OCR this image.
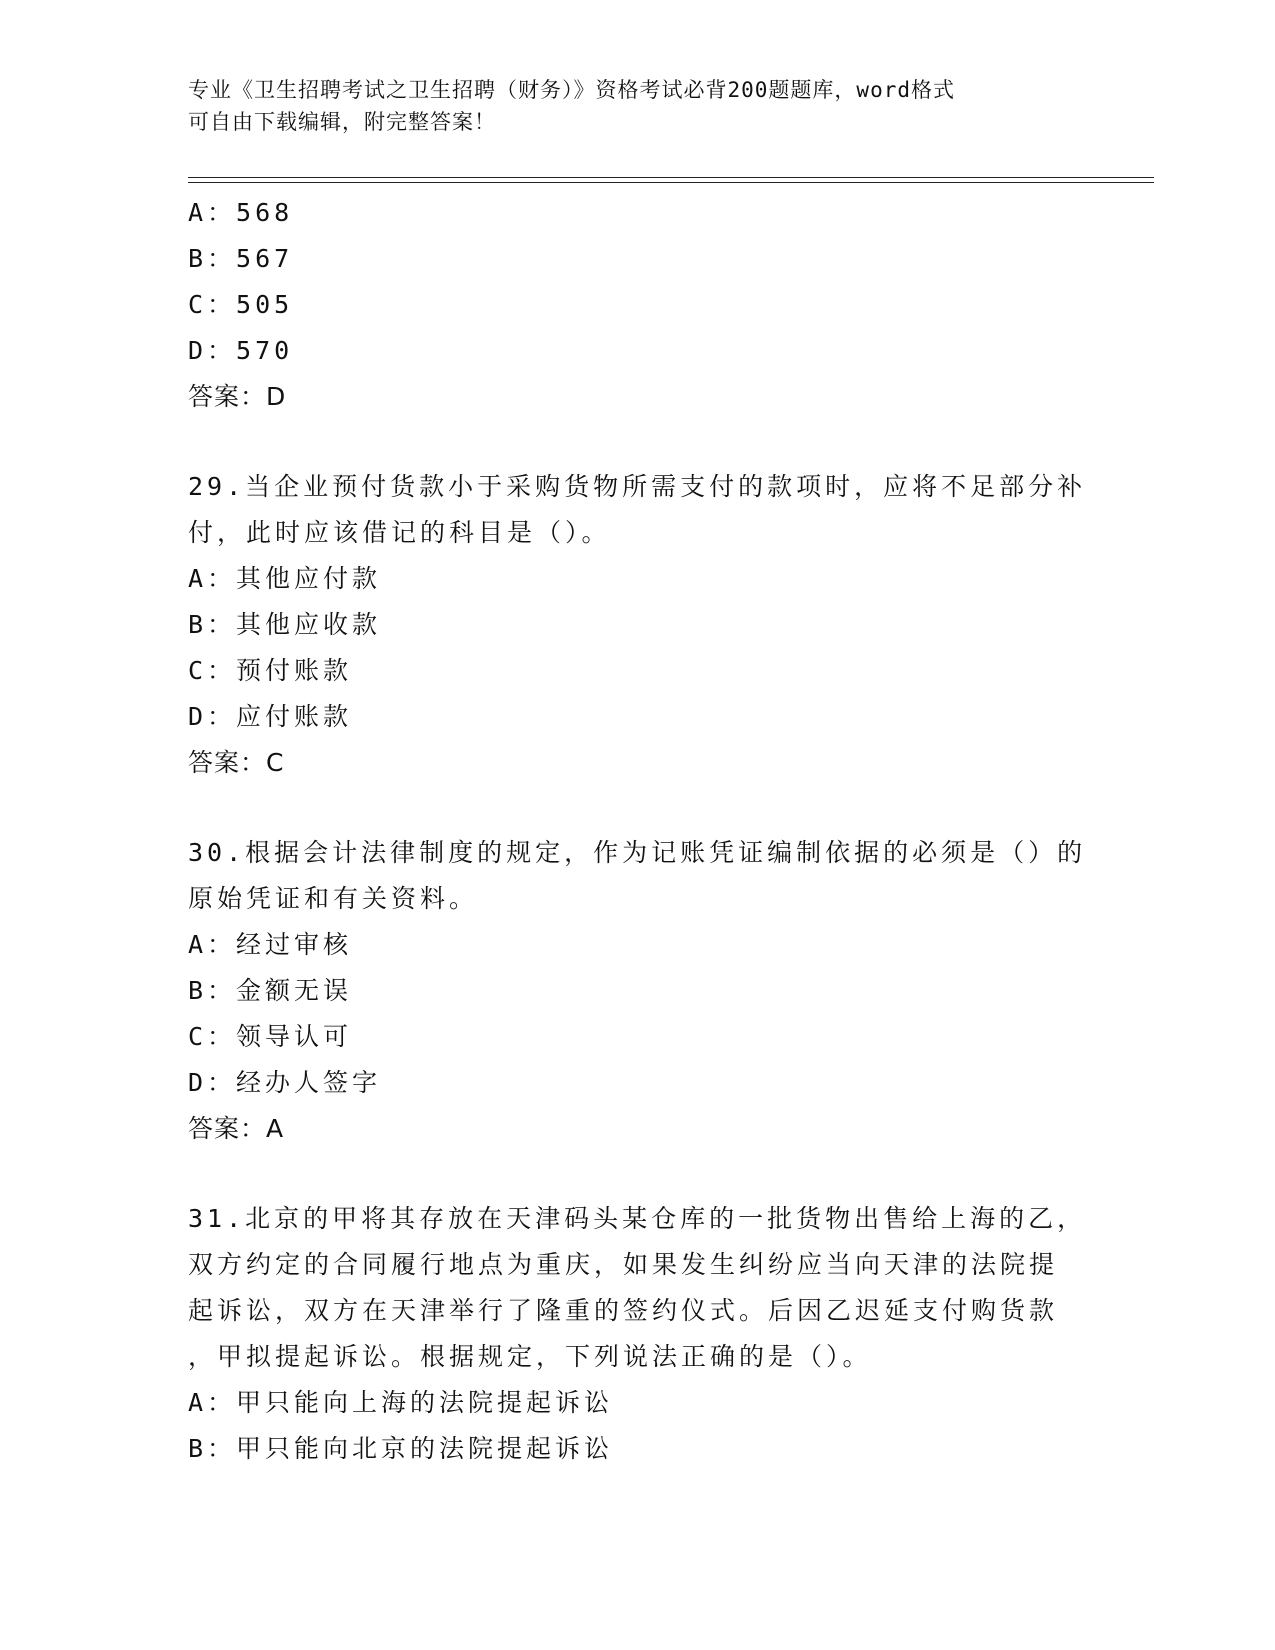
专业《卫生招聘考试之卫生招聘（财务）》资格考试必背200题题库，word格式
可自由下载编辑，附完整答案！
A：568
B：567
C：505
D：570
答案：D
29.当企业预付货款小于采购货物所需支付的款项时，应将不足部分补
付，此时应该借记的科目是（）。
A：其他应付款
B：其他应收款
C：预付账款
D：应付账款
答案：C
30.根据会计法律制度的规定，作为记账凭证编制依据的必须是（）的
原始凭证和有关资料。
A：经过审核
B：金额无误
C：领导认可
D：经办人签字
答案：A
31.北京的甲将其存放在天津码头某仓库的一批货物出售给上海的乙，
双方约定的合同履行地点为重庆，如果发生纠纷应当向天津的法院提
起诉讼，双方在天津举行了隆重的签约仪式。后因乙迟延支付购货款
，甲拟提起诉讼。根据规定，下列说法正确的是（）。
A：甲只能向上海的法院提起诉讼
B：甲只能向北京的法院提起诉讼
